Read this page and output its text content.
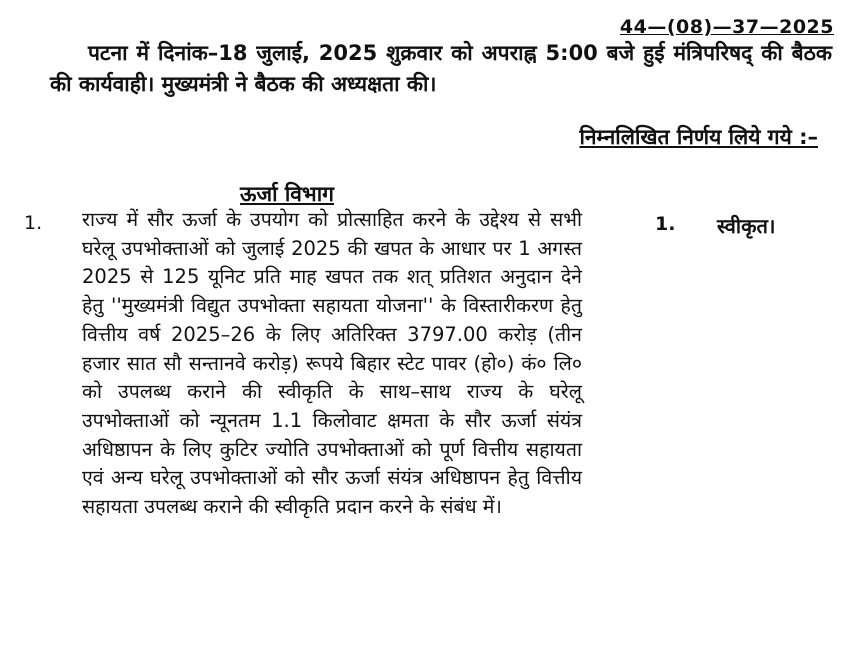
44—(08)—37—2025

पटना में दिनांक–18 जुलाई, 2025 शुक्रवार को अपराह्न 5:00 बजे हुई मंत्रिपरिषद् की बैठक की कार्यवाही। मुख्यमंत्री ने बैठक की अध्यक्षता की।

निम्नलिखित निर्णय लिये गये :–
ऊर्जा विभाग
1. राज्य में सौर ऊर्जा के उपयोग को प्रोत्साहित करने के उद्देश्य से सभी घरेलू उपभोक्ताओं को जुलाई 2025 की खपत के आधार पर 1 अगस्त 2025 से 125 यूनिट प्रति माह खपत तक शत् प्रतिशत अनुदान देने हेतु ''मुख्यमंत्री विद्युत उपभोक्ता सहायता योजना'' के विस्तारीकरण हेतु वित्तीय वर्ष 2025–26 के लिए अतिरिक्त 3797.00 करोड़ (तीन हजार सात सौ सन्तानवे करोड़) रूपये बिहार स्टेट पावर (हो०) कं० लि० को उपलब्ध कराने की स्वीकृति के साथ–साथ राज्य के घरेलू उपभोक्ताओं को न्यूनतम 1.1 किलोवाट क्षमता के सौर ऊर्जा संयंत्र अधिष्ठापन के लिए कुटिर ज्योति उपभोक्ताओं को पूर्ण वित्तीय सहायता एवं अन्य घरेलू उपभोक्ताओं को सौर ऊर्जा संयंत्र अधिष्ठापन हेतु वित्तीय सहायता उपलब्ध कराने की स्वीकृति प्रदान करने के संबंध में।

1. स्वीकृत।
